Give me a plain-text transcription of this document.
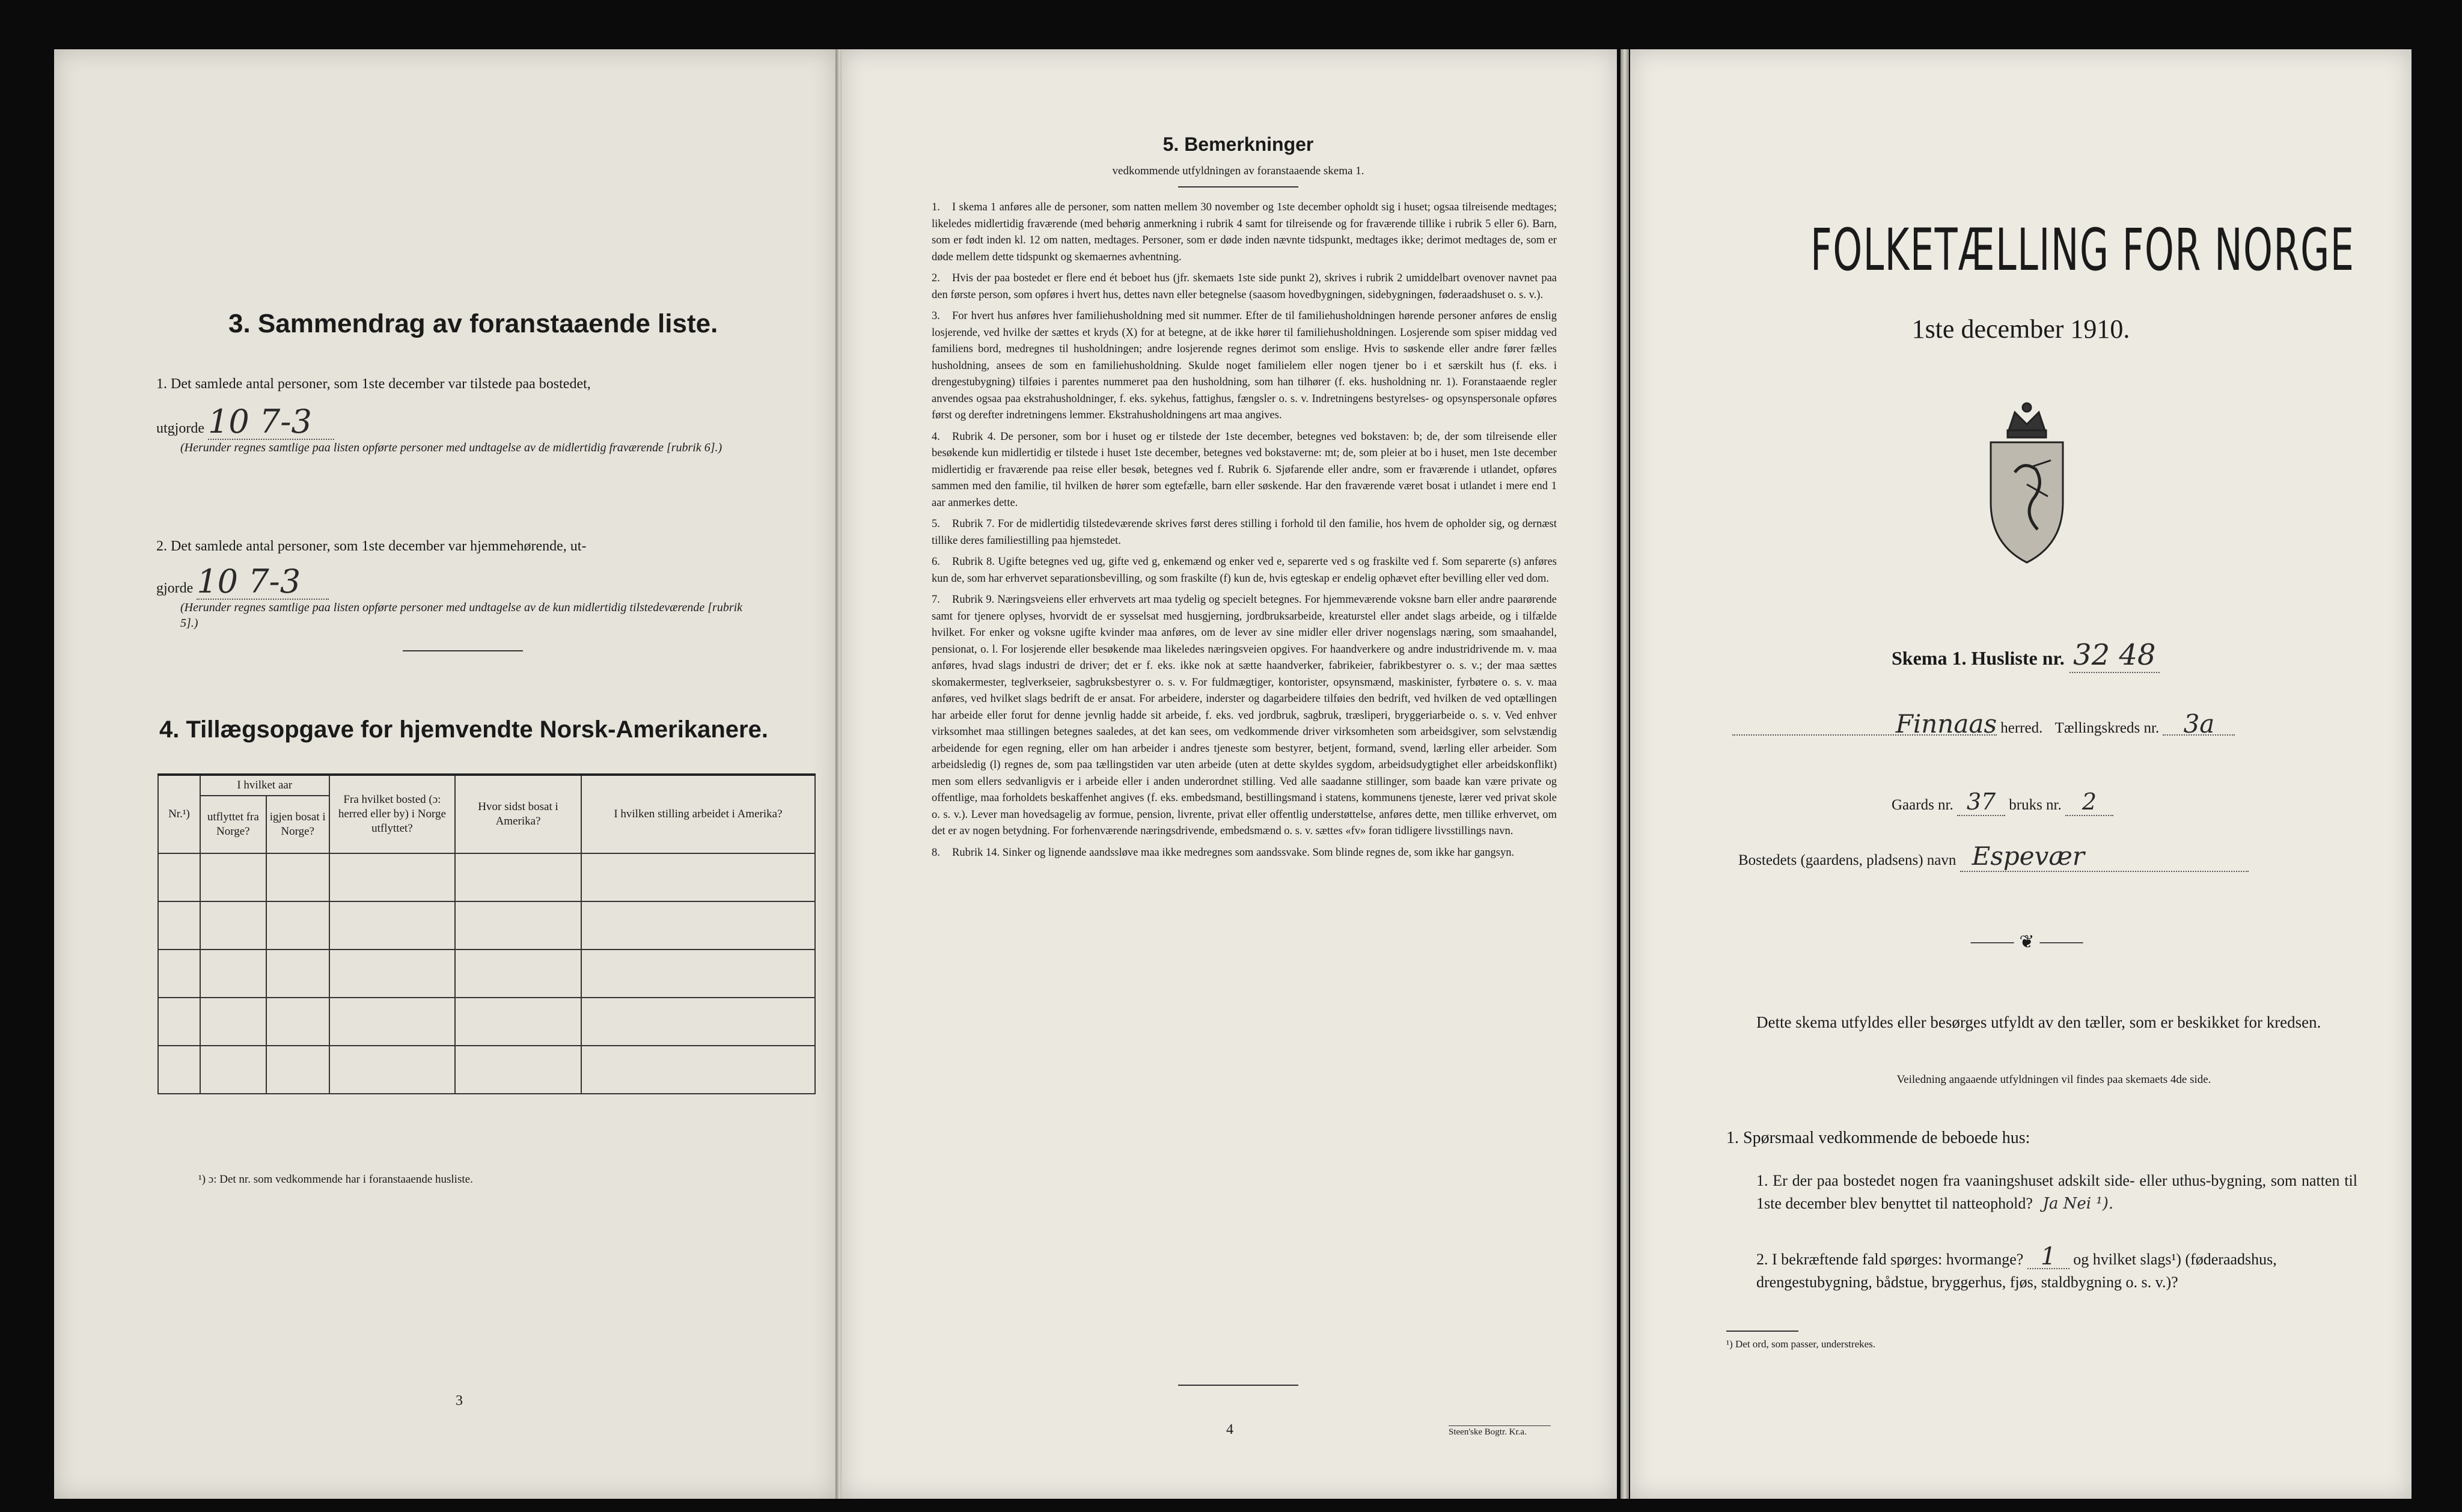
3. Sammendrag av foranstaaende liste.
1. Det samlede antal personer, som 1ste december var tilstede paa bostedet,
utgjorde 10 7-3
(Herunder regnes samtlige paa listen opførte personer med undtagelse av de midlertidig fraværende [rubrik 6].)
2. Det samlede antal personer, som 1ste december var hjemmehørende, ut-
gjorde 10 7-3
(Herunder regnes samtlige paa listen opførte personer med undtagelse av de kun midlertidig tilstedeværende [rubrik 5].)
4. Tillægsopgave for hjemvendte Norsk-Amerikanere.
Nr.¹)	I hvilket aar		Fra hvilket bosted (ɔ: herred eller by) i Norge utflyttet?	Hvor sidst bosat i Amerika?	I hvilken stilling arbeidet i Amerika?
	utflyttet fra Norge?	igjen bosat i Norge?			

¹) ɔ: Det nr. som vedkommende har i foranstaaende husliste.
3
5. Bemerkninger
vedkommende utfyldningen av foranstaaende skema 1.

1. I skema 1 anføres alle de personer, som natten mellem 30 november og 1ste december opholdt sig i huset; ogsaa tilreisende medtages; likeledes midlertidig fraværende (med behørig anmerkning i rubrik 4 samt for tilreisende og for fraværende tillike i rubrik 5 eller 6). Barn, som er født inden kl. 12 om natten, medtages. Personer, som er døde inden nævnte tidspunkt, medtages ikke; derimot medtages de, som er døde mellem dette tidspunkt og skemaernes avhentning.

2. Hvis der paa bostedet er flere end ét beboet hus (jfr. skemaets 1ste side punkt 2), skrives i rubrik 2 umiddelbart ovenover navnet paa den første person, som opføres i hvert hus, dettes navn eller betegnelse (saasom hovedbygningen, sidebygningen, føderaadshuset o. s. v.).

3. For hvert hus anføres hver familiehusholdning med sit nummer. Efter de til familiehusholdningen hørende personer anføres de enslig losjerende, ved hvilke der sættes et kryds (X) for at betegne, at de ikke hører til familiehusholdningen. Losjerende som spiser middag ved familiens bord, medregnes til husholdningen; andre losjerende regnes derimot som enslige. Hvis to søskende eller andre fører fælles husholdning, ansees de som en familiehusholdning. Skulde noget familielem eller nogen tjener bo i et særskilt hus (f. eks. i drengestubygning) tilføies i parentes nummeret paa den husholdning, som han tilhører (f. eks. husholdning nr. 1). Foranstaaende regler anvendes ogsaa paa ekstrahusholdninger, f. eks. sykehus, fattighus, fængsler o. s. v. Indretningens bestyrelses- og opsynspersonale opføres først og derefter indretningens lemmer. Ekstrahusholdningens art maa angives.

4. Rubrik 4. De personer, som bor i huset og er tilstede der 1ste december, betegnes ved bokstaven: b; de, der som tilreisende eller besøkende kun midlertidig er tilstede i huset 1ste december, betegnes ved bokstaverne: mt; de, som pleier at bo i huset, men 1ste december midlertidig er fraværende paa reise eller besøk, betegnes ved f. Rubrik 6. Sjøfarende eller andre, som er fraværende i utlandet, opføres sammen med den familie, til hvilken de hører som egtefælle, barn eller søskende. Har den fraværende været bosat i utlandet i mere end 1 aar anmerkes dette.

5. Rubrik 7. For de midlertidig tilstedeværende skrives først deres stilling i forhold til den familie, hos hvem de opholder sig, og dernæst tillike deres familiestilling paa hjemstedet.

6. Rubrik 8. Ugifte betegnes ved ug, gifte ved g, enkemænd og enker ved e, separerte ved s og fraskilte ved f. Som separerte (s) anføres kun de, som har erhvervet separationsbevilling, og som fraskilte (f) kun de, hvis egteskap er endelig ophævet efter bevilling eller ved dom.

7. Rubrik 9. Næringsveiens eller erhvervets art maa tydelig og specielt betegnes. For hjemmeværende voksne barn eller andre paarørende samt for tjenere oplyses, hvorvidt de er sysselsat med husgjerning, jordbruksarbeide, kreaturstel eller andet slags arbeide, og i tilfælde hvilket. For enker og voksne ugifte kvinder maa anføres, om de lever av sine midler eller driver nogenslags næring, som smaahandel, pensionat, o. l. For losjerende eller besøkende maa likeledes næringsveien opgives. For haandverkere og andre industridrivende m. v. maa anføres, hvad slags industri de driver; det er f. eks. ikke nok at sætte haandverker, fabrikeier, fabrikbestyrer o. s. v.; der maa sættes skomakermester, teglverkseier, sagbruksbestyrer o. s. v. For fuldmægtiger, kontorister, opsynsmænd, maskinister, fyrbøtere o. s. v. maa anføres, ved hvilket slags bedrift de er ansat. For arbeidere, inderster og dagarbeidere tilføies den bedrift, ved hvilken de ved optællingen har arbeide eller forut for denne jevnlig hadde sit arbeide, f. eks. ved jordbruk, sagbruk, træsliperi, bryggeriarbeide o. s. v. Ved enhver virksomhet maa stillingen betegnes saaledes, at det kan sees, om vedkommende driver virksomheten som arbeidsgiver, som selvstændig arbeidende for egen regning, eller om han arbeider i andres tjeneste som bestyrer, betjent, formand, svend, lærling eller arbeider. Som arbeidsledig (l) regnes de, som paa tællingstiden var uten arbeide (uten at dette skyldes sygdom, arbeidsudygtighet eller arbeidskonflikt) men som ellers sedvanligvis er i arbeide eller i anden underordnet stilling. Ved alle saadanne stillinger, som baade kan være private og offentlige, maa forholdets beskaffenhet angives (f. eks. embedsmand, bestillingsmand i statens, kommunens tjeneste, lærer ved privat skole o. s. v.). Lever man hovedsagelig av formue, pension, livrente, privat eller offentlig understøttelse, anføres dette, men tillike erhvervet, om det er av nogen betydning. For forhenværende næringsdrivende, embedsmænd o. s. v. sættes «fv» foran tidligere livsstillings navn.

8. Rubrik 14. Sinker og lignende aandssløve maa ikke medregnes som aandssvake. Som blinde regnes de, som ikke har gangsyn.

4	Steen'ske Bogtr. Kr.a.
FOLKETÆLLING FOR NORGE
1ste december 1910.
Skema 1. Husliste nr. 32 48
Finnaas herred. Tællingskreds nr. 3a
Gaards nr. 37 bruks nr. 2
Bostedets (gaardens, pladsens) navn Espevær
⸻ ❦ ⸻
Dette skema utfyldes eller besørges utfyldt av den tæller, som er beskikket for kredsen.
Veiledning angaaende utfyldningen vil findes paa skemaets 4de side.
1. Spørsmaal vedkommende de beboede hus:
1. Er der paa bostedet nogen fra vaaningshuset adskilt side- eller uthus-bygning, som natten til 1ste december blev benyttet til natteophold? Ja Nei ¹).
2. I bekræftende fald spørges: hvormange? 1 og hvilket slags¹) (føderaadshus, drengestubygning, bådstue, bryggerhus, fjøs, staldbygning o. s. v.)?
¹) Det ord, som passer, understrekes.
